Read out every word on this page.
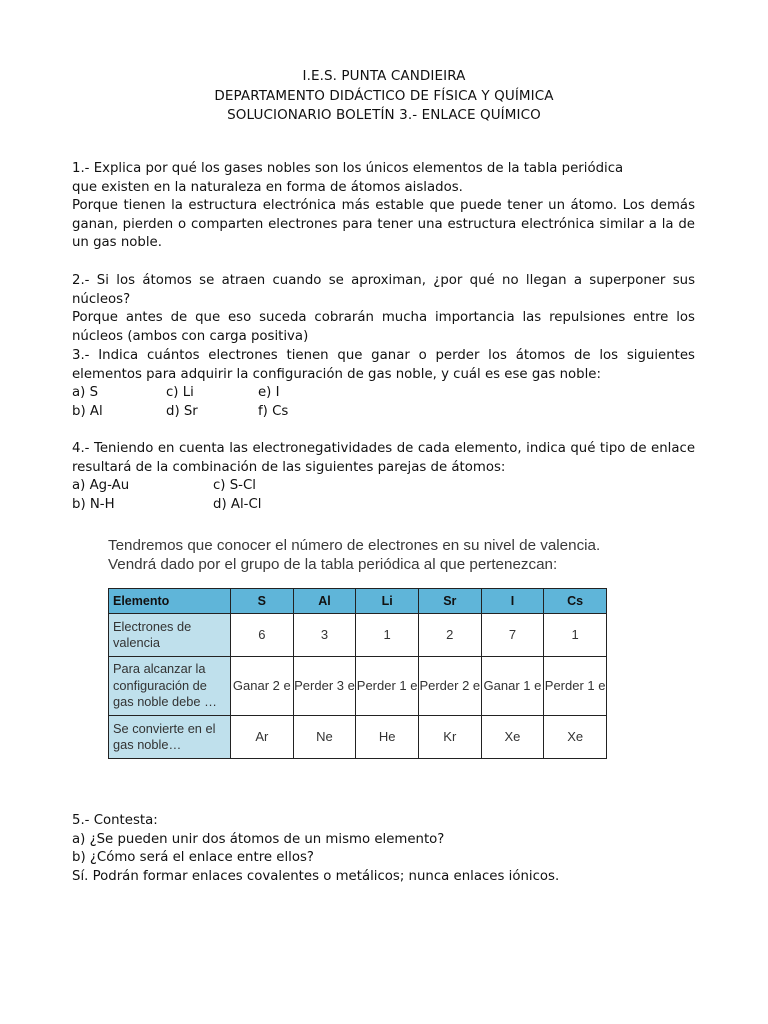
I.E.S. PUNTA CANDIEIRA
DEPARTAMENTO DIDÁCTICO DE FÍSICA Y QUÍMICA
SOLUCIONARIO BOLETÍN 3.- ENLACE QUÍMICO

1.- Explica por qué los gases nobles son los únicos elementos de la tabla periódica

que existen en la naturaleza en forma de átomos aislados.

Porque tienen la estructura electrónica más estable que puede tener un átomo. Los demás ganan, pierden o comparten electrones para tener una estructura electrónica similar a la de un gas noble.

2.- Si los átomos se atraen cuando se aproximan, ¿por qué no llegan a superponer sus núcleos?

Porque antes de que eso suceda cobrarán mucha importancia las repulsiones entre los núcleos (ambos con carga positiva)

3.- Indica cuántos electrones tienen que ganar o perder los átomos de los siguientes elementos para adquirir la configuración de gas noble, y cuál es ese gas noble:

a) S	c) Li	e) I
b) Al	d) Sr	f) Cs

4.- Teniendo en cuenta las electronegatividades de cada elemento, indica qué tipo de enlace resultará de la combinación de las siguientes parejas de átomos:

a) Ag-Au	c) S-Cl
b) N-H	d) Al-Cl

Tendremos que conocer el número de electrones en su nivel de valencia. Vendrá dado por el grupo de la tabla periódica al que pertenezcan:

Elemento	S	Al	Li	Sr	I	Cs
Electrones de valencia	6	3	1	2	7	1
Para alcanzar la configuración de gas noble debe …	Ganar 2 e	Perder 3 e	Perder 1 e	Perder 2 e	Ganar 1 e	Perder 1 e
Se convierte en el gas noble…	Ar	Ne	He	Kr	Xe	Xe

5.- Contesta:

a) ¿Se pueden unir dos átomos de un mismo elemento?

b) ¿Cómo será el enlace entre ellos?

Sí. Podrán formar enlaces covalentes o metálicos; nunca enlaces iónicos.
